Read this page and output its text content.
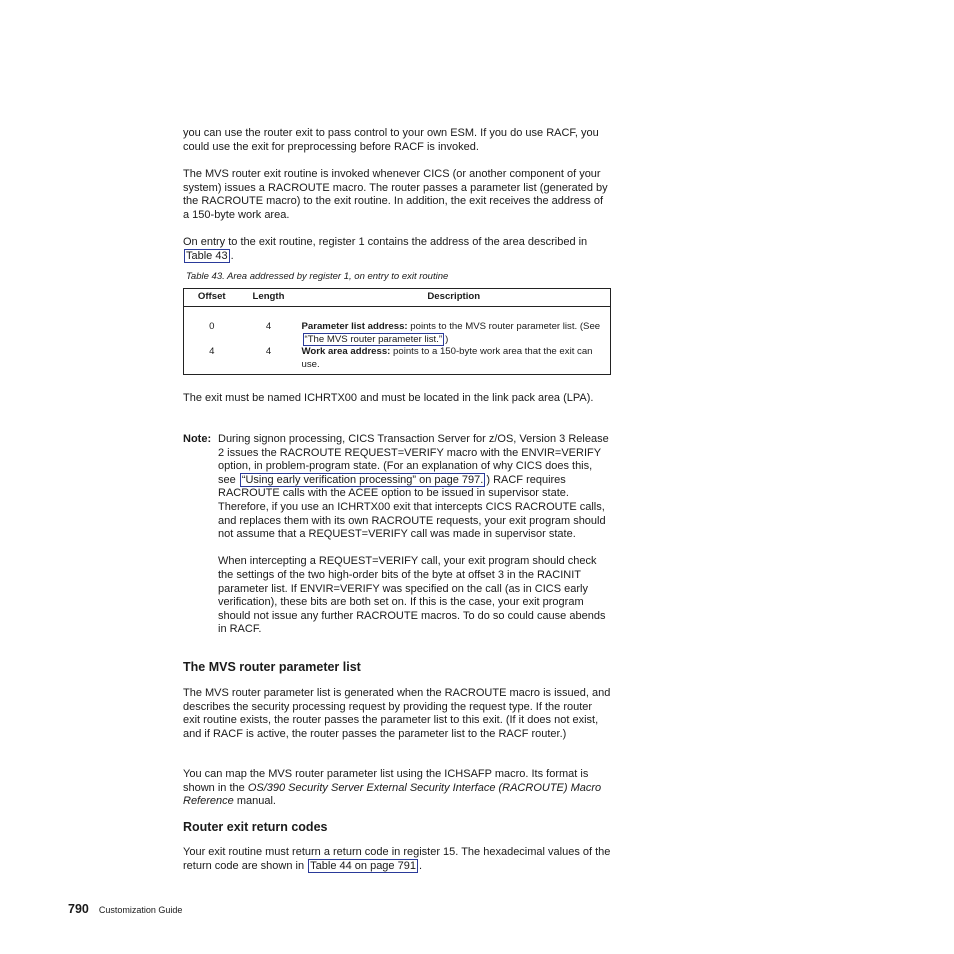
you can use the router exit to pass control to your own ESM. If you do use RACF, you could use the exit for preprocessing before RACF is invoked.

The MVS router exit routine is invoked whenever CICS (or another component of your system) issues a RACROUTE macro. The router passes a parameter list (generated by the RACROUTE macro) to the exit routine. In addition, the exit receives the address of a 150-byte work area.

On entry to the exit routine, register 1 contains the address of the area described in Table 43 .

Table 43. Area addressed by register 1, on entry to exit routine
Offset	Length	Description
0	4	Parameter list address: points to the MVS router parameter list. (See “The MVS router parameter list.” )
4	4	Work area address: points to a 150-byte work area that the exit can use.

The exit must be named ICHRTX00 and must be located in the link pack area (LPA).

Note: During signon processing, CICS Transaction Server for z/OS, Version 3 Release 2 issues the RACROUTE REQUEST=VERIFY macro with the ENVIR=VERIFY option, in problem-program state. (For an explanation of why CICS does this, see “Using early verification processing” on page 797. ) RACF requires RACROUTE calls with the ACEE option to be issued in supervisor state. Therefore, if you use an ICHRTX00 exit that intercepts CICS RACROUTE calls, and replaces them with its own RACROUTE requests, your exit program should not assume that a REQUEST=VERIFY call was made in supervisor state.

When intercepting a REQUEST=VERIFY call, your exit program should check the settings of the two high-order bits of the byte at offset 3 in the RACINIT parameter list. If ENVIR=VERIFY was specified on the call (as in CICS early verification), these bits are both set on. If this is the case, your exit program should not issue any further RACROUTE macros. To do so could cause abends in RACF.

The MVS router parameter list

The MVS router parameter list is generated when the RACROUTE macro is issued, and describes the security processing request by providing the request type. If the router exit routine exists, the router passes the parameter list to this exit. (If it does not exist, and if RACF is active, the router passes the parameter list to the RACF router.)

You can map the MVS router parameter list using the ICHSAFP macro. Its format is shown in the OS/390 Security Server External Security Interface (RACROUTE) Macro Reference manual.

Router exit return codes

Your exit routine must return a return code in register 15. The hexadecimal values of the return code are shown in Table 44 on page 791 .

790 Customization Guide
